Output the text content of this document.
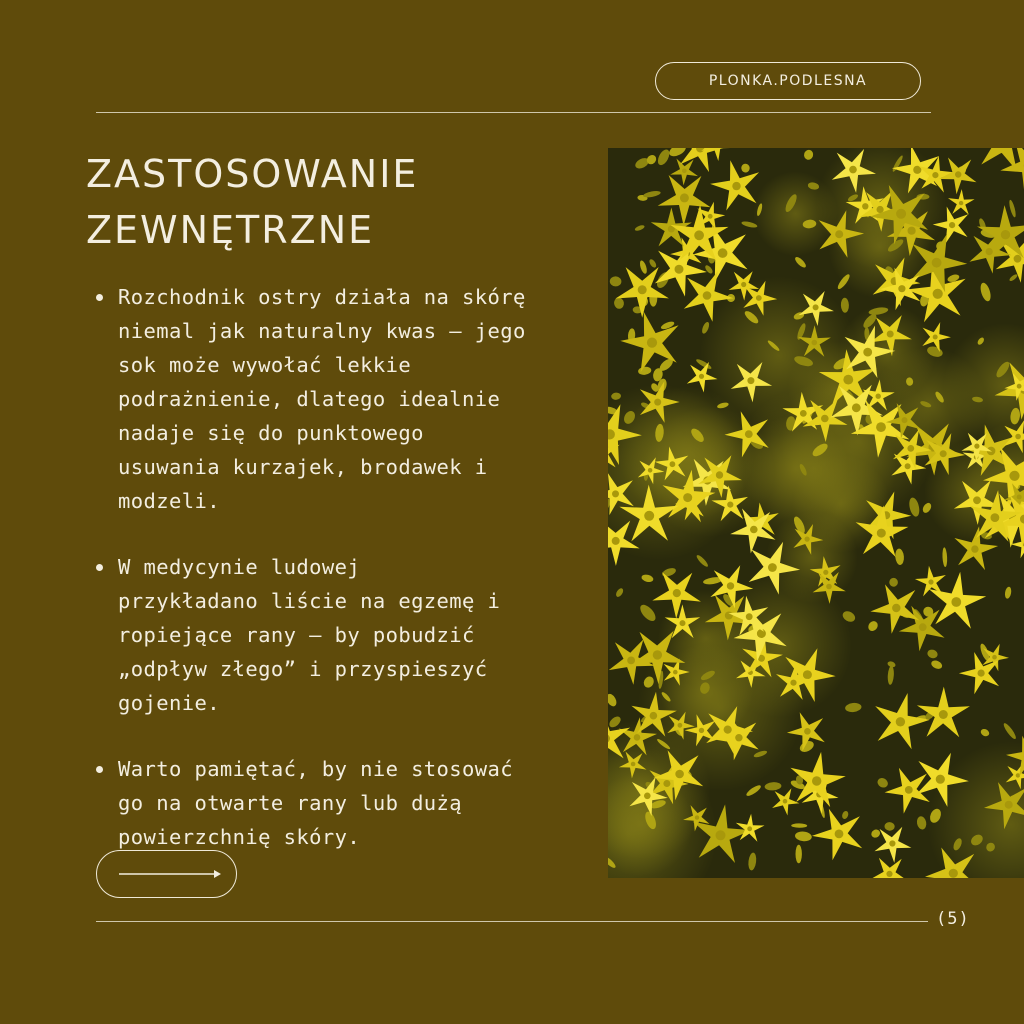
PLONKA.PODLESNA
ZASTOSOWANIE
ZEWNĘTRZNE
Rozchodnik ostry działa na skórę
niemal jak naturalny kwas – jego
sok może wywołać lekkie
podrażnienie, dlatego idealnie
nadaje się do punktowego
usuwania kurzajek, brodawek i
modzeli.
W medycynie ludowej
przykładano liście na egzemę i
ropiejące rany – by pobudzić
„odpływ złego” i przyspieszyć
gojenie.
Warto pamiętać, by nie stosować
go na otwarte rany lub dużą
powierzchnię skóry.
(5)
